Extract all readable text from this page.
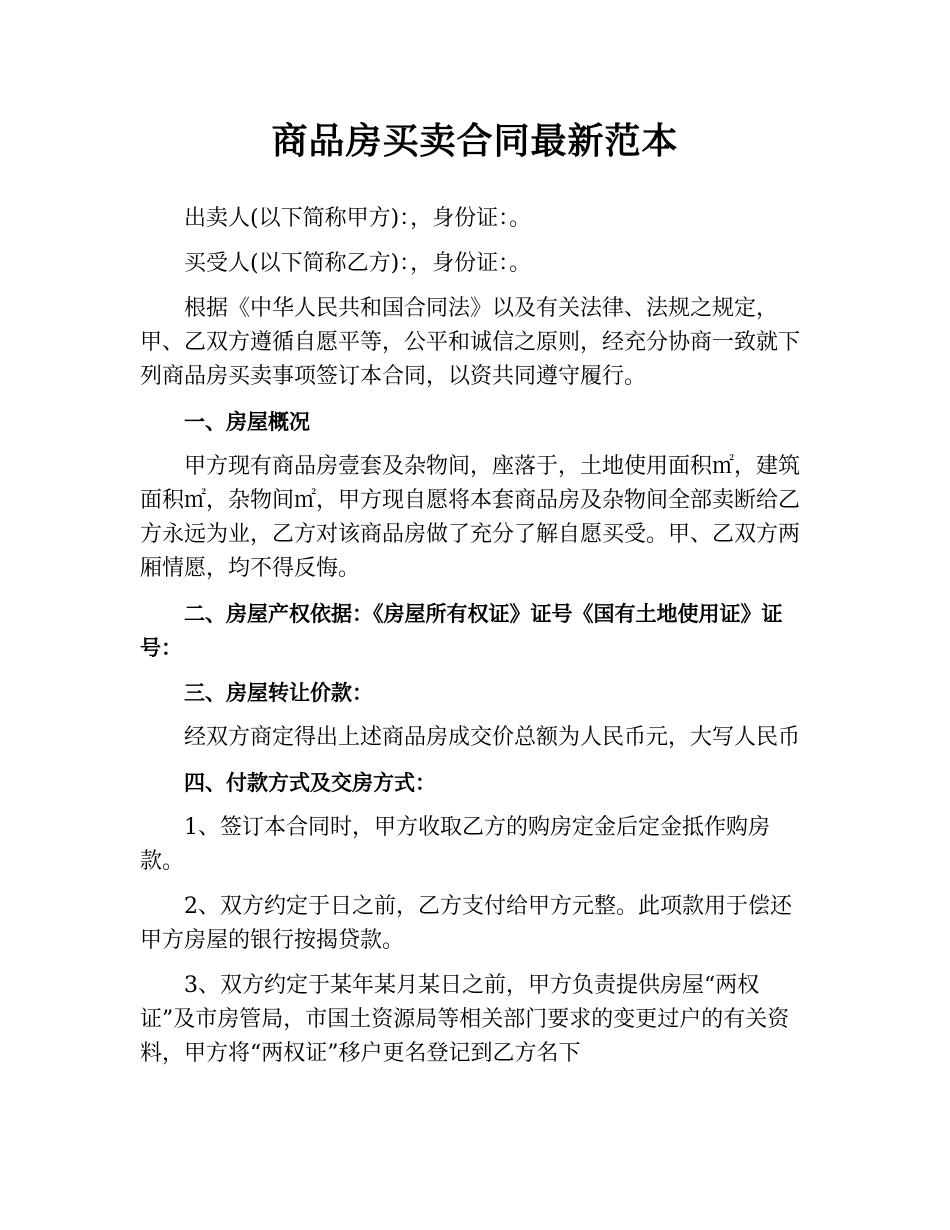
商品房买卖合同最新范本

出卖人(以下简称甲方)：，身份证：。

买受人(以下简称乙方)：，身份证：。

根据《中华人民共和国合同法》以及有关法律、法规之规定，甲、乙双方遵循自愿平等，公平和诚信之原则，经充分协商一致就下列商品房买卖事项签订本合同，以资共同遵守履行。

一、房屋概况

甲方现有商品房壹套及杂物间，座落于，土地使用面积㎡，建筑面积㎡，杂物间㎡，甲方现自愿将本套商品房及杂物间全部卖断给乙方永远为业，乙方对该商品房做了充分了解自愿买受。甲、乙双方两厢情愿，均不得反悔。

二、房屋产权依据：《房屋所有权证》证号《国有土地使用证》证号：

三、房屋转让价款：

经双方商定得出上述商品房成交价总额为人民币元，大写人民币

四、付款方式及交房方式：

1、签订本合同时，甲方收取乙方的购房定金后定金抵作购房款。

2、双方约定于日之前，乙方支付给甲方元整。此项款用于偿还甲方房屋的银行按揭贷款。

3、双方约定于某年某月某日之前，甲方负责提供房屋“两权证”及市房管局，市国土资源局等相关部门要求的变更过户的有关资料，甲方将“两权证”移户更名登记到乙方名下
